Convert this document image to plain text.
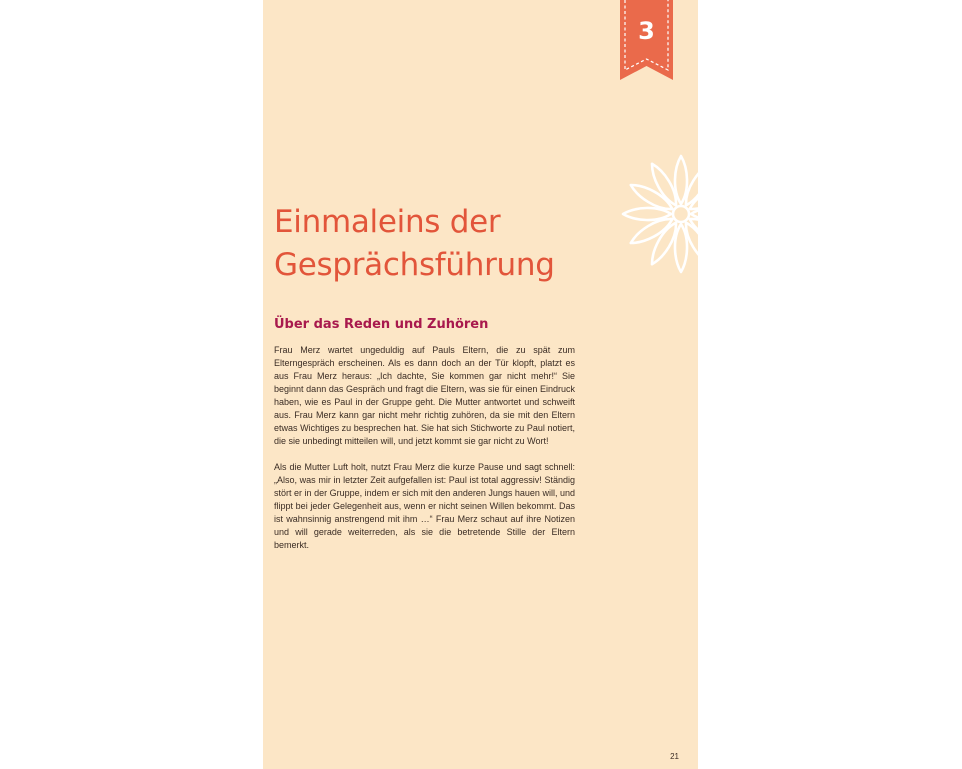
3
Einmaleins der
Gesprächsführung
Über das Reden und Zuhören

Frau Merz wartet ungeduldig auf Pauls Eltern, die zu spät zum Elterngespräch erscheinen. Als es dann doch an der Tür klopft, platzt es aus Frau Merz heraus: „Ich dachte, Sie kommen gar nicht mehr!“ Sie beginnt dann das Gespräch und fragt die Eltern, was sie für einen Eindruck haben, wie es Paul in der Gruppe geht. Die Mutter antwortet und schweift aus. Frau Merz kann gar nicht mehr richtig zuhören, da sie mit den Eltern etwas Wichtiges zu besprechen hat. Sie hat sich Stichworte zu Paul notiert, die sie unbedingt mitteilen will, und jetzt kommt sie gar nicht zu Wort!

Als die Mutter Luft holt, nutzt Frau Merz die kurze Pause und sagt schnell: „Also, was mir in letzter Zeit aufgefallen ist: Paul ist total aggressiv! Ständig stört er in der Gruppe, indem er sich mit den anderen Jungs hauen will, und flippt bei jeder Gelegenheit aus, wenn er nicht seinen Willen bekommt. Das ist wahnsinnig anstrengend mit ihm …“ Frau Merz schaut auf ihre Notizen und will gerade weiterreden, als sie die betretende Stille der Eltern bemerkt.

21
